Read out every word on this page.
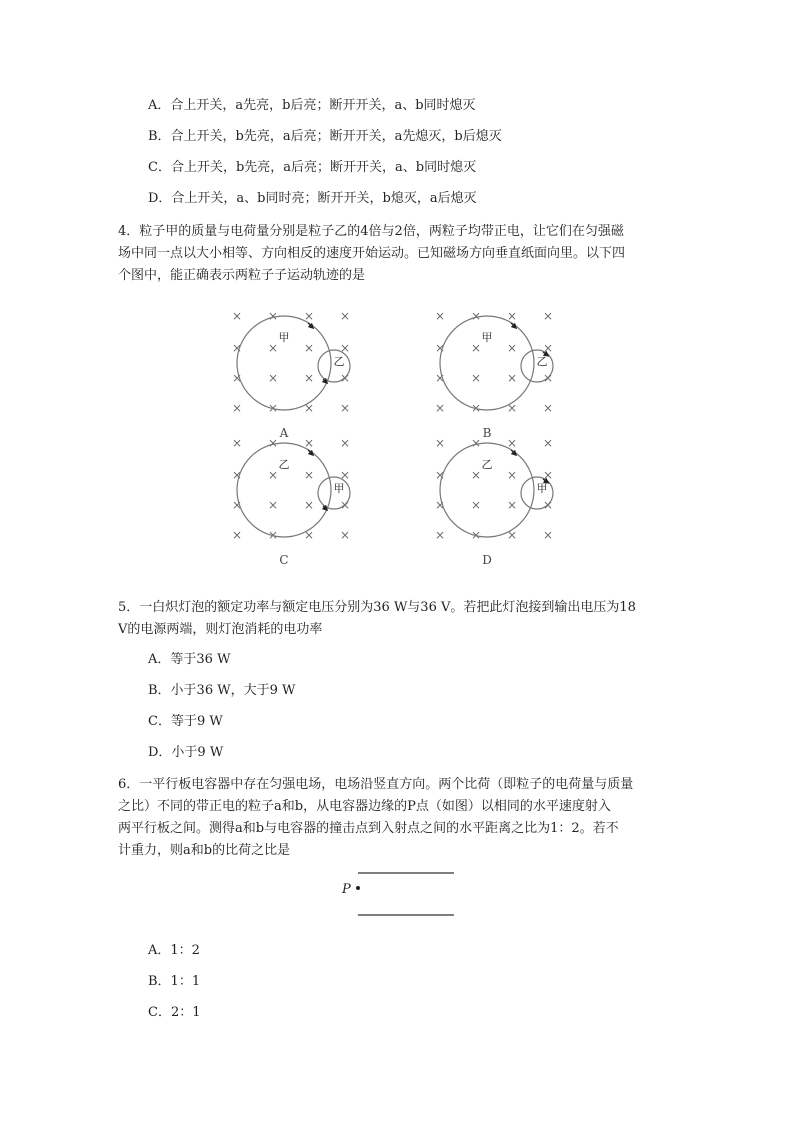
A．合上开关，a先亮，b后亮；断开开关，a、b同时熄灭
B．合上开关，b先亮，a后亮；断开开关，a先熄灭，b后熄灭
C．合上开关，b先亮，a后亮；断开开关，a、b同时熄灭
D．合上开关，a、b同时亮；断开开关，b熄灭，a后熄灭
4．粒子甲的质量与电荷量分别是粒子乙的4倍与2倍，两粒子均带正电，让它们在匀强磁
场中同一点以大小相等、方向相反的速度开始运动。已知磁场方向垂直纸面向里。以下四
个图中，能正确表示两粒子子运动轨迹的是
× × × ×
× × × ×
× × × ×
× × × ×
甲
乙
A
× × × ×
× × × ×
× × × ×
× × × ×
甲
乙
B
× × × ×
× × × ×
× × × ×
× × × ×
乙
甲
C
× × × ×
× × × ×
× × × ×
× × × ×
乙
甲
D
5．一白炽灯泡的额定功率与额定电压分别为36 W与36 V。若把此灯泡接到输出电压为18
V的电源两端，则灯泡消耗的电功率
A．等于36 W
B．小于36 W，大于9 W
C．等于9 W
D．小于9 W
6．一平行板电容器中存在匀强电场，电场沿竖直方向。两个比荷（即粒子的电荷量与质量
之比）不同的带正电的粒子a和b，从电容器边缘的P点（如图）以相同的水平速度射入
两平行板之间。测得a和b与电容器的撞击点到入射点之间的水平距离之比为1：2。若不
计重力，则a和b的比荷之比是
P
A．1：2
B．1：1
C．2：1
